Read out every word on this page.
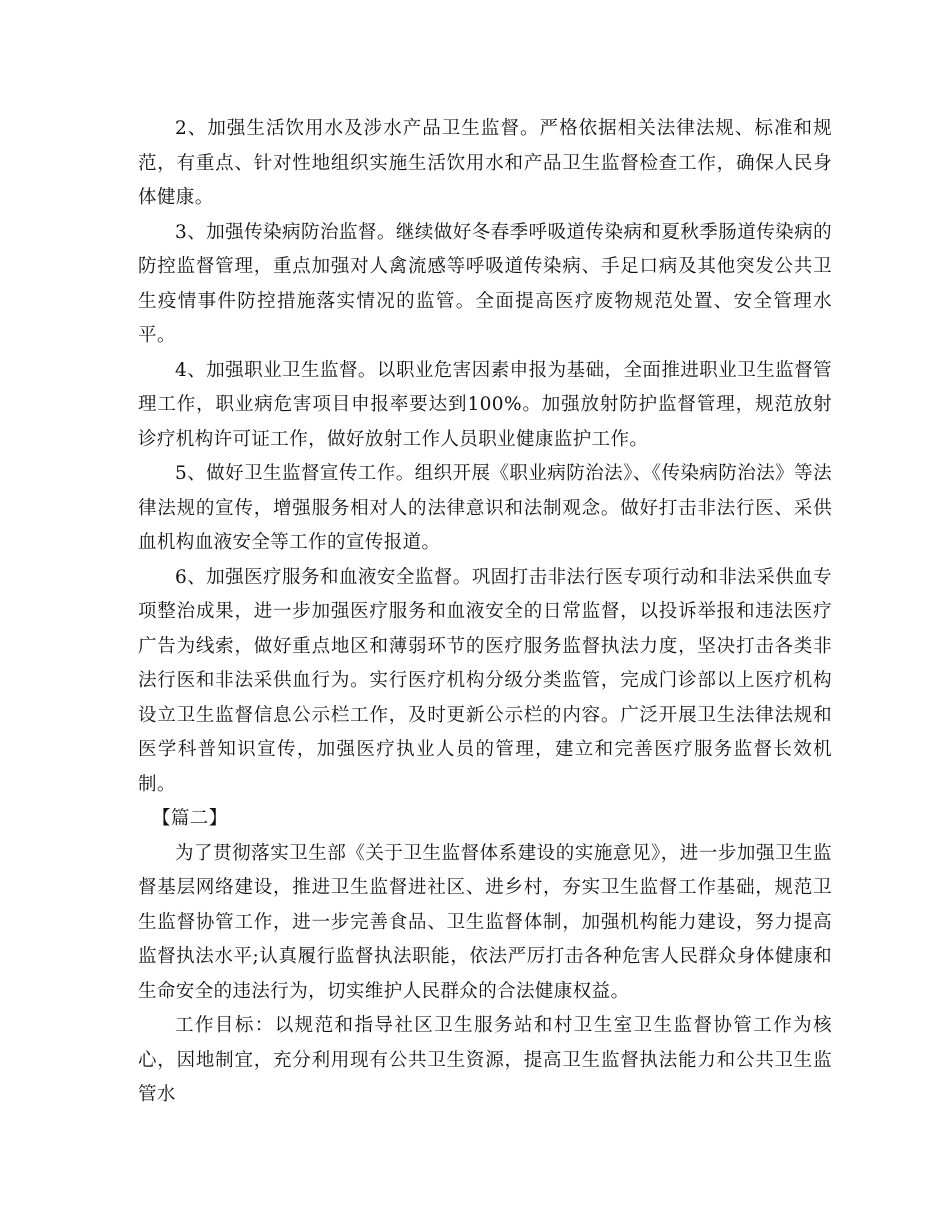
2、加强生活饮用水及涉水产品卫生监督。严格依据相关法律法规、标准和规范，有重点、针对性地组织实施生活饮用水和产品卫生监督检查工作，确保人民身体健康。

3、加强传染病防治监督。继续做好冬春季呼吸道传染病和夏秋季肠道传染病的防控监督管理，重点加强对人禽流感等呼吸道传染病、手足口病及其他突发公共卫生疫情事件防控措施落实情况的监管。全面提高医疗废物规范处置、安全管理水平。

4、加强职业卫生监督。以职业危害因素申报为基础，全面推进职业卫生监督管理工作，职业病危害项目申报率要达到100%。加强放射防护监督管理，规范放射诊疗机构许可证工作，做好放射工作人员职业健康监护工作。

5、做好卫生监督宣传工作。组织开展《职业病防治法》、《传染病防治法》等法律法规的宣传，增强服务相对人的法律意识和法制观念。做好打击非法行医、采供血机构血液安全等工作的宣传报道。

6、加强医疗服务和血液安全监督。巩固打击非法行医专项行动和非法采供血专项整治成果，进一步加强医疗服务和血液安全的日常监督，以投诉举报和违法医疗广告为线索，做好重点地区和薄弱环节的医疗服务监督执法力度，坚决打击各类非法行医和非法采供血行为。实行医疗机构分级分类监管，完成门诊部以上医疗机构设立卫生监督信息公示栏工作，及时更新公示栏的内容。广泛开展卫生法律法规和医学科普知识宣传，加强医疗执业人员的管理，建立和完善医疗服务监督长效机制。

【篇二】

为了贯彻落实卫生部《关于卫生监督体系建设的实施意见》，进一步加强卫生监督基层网络建设，推进卫生监督进社区、进乡村，夯实卫生监督工作基础，规范卫生监督协管工作，进一步完善食品、卫生监督体制，加强机构能力建设，努力提高监督执法水平;认真履行监督执法职能，依法严厉打击各种危害人民群众身体健康和生命安全的违法行为，切实维护人民群众的合法健康权益。

工作目标：以规范和指导社区卫生服务站和村卫生室卫生监督协管工作为核心，因地制宜，充分利用现有公共卫生资源，提高卫生监督执法能力和公共卫生监管水
